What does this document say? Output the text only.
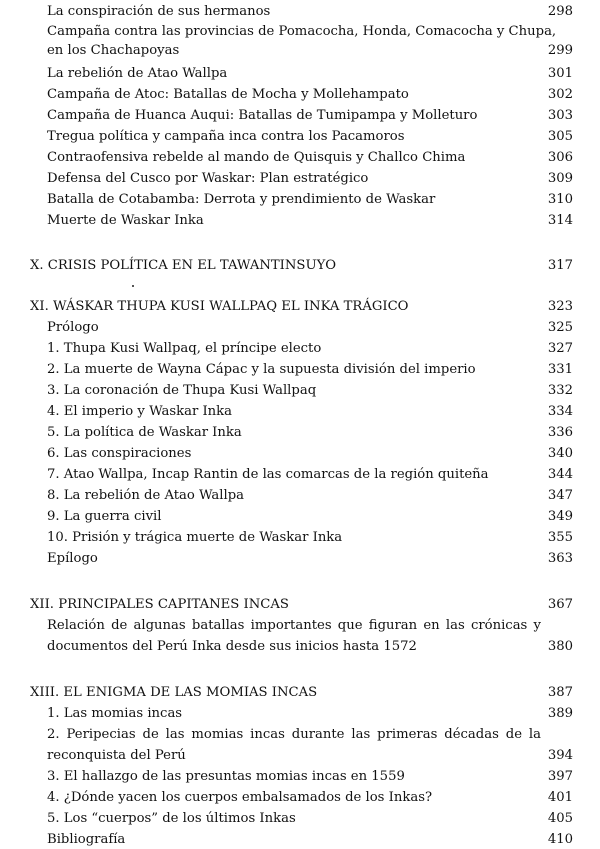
La conspiración de sus hermanos	298
Campaña contra las provincias de Pomacocha, Honda, Comacocha y Chupa,
en los Chachapoyas	299
La rebelión de Atao Wallpa	301
Campaña de Atoc: Batallas de Mocha y Mollehampato	302
Campaña de Huanca Auqui: Batallas de Tumipampa y Molleturo	303
Tregua política y campaña inca contra los Pacamoros	305
Contraofensiva rebelde al mando de Quisquis y Challco Chima	306
Defensa del Cusco por Waskar: Plan estratégico	309
Batalla de Cotabamba: Derrota y prendimiento de Waskar	310
Muerte de Waskar Inka	314
X. CRISIS POLÍTICA EN EL TAWANTINSUYO	317
XI. WÁSKAR THUPA KUSI WALLPAQ EL INKA TRÁGICO	323
Prólogo	325
1. Thupa Kusi Wallpaq, el príncipe electo	327
2. La muerte de Wayna Cápac y la supuesta división del imperio	331
3. La coronación de Thupa Kusi Wallpaq	332
4. El imperio y Waskar Inka	334
5. La política de Waskar Inka	336
6. Las conspiraciones	340
7. Atao Wallpa, Incap Rantin de las comarcas de la región quiteña	344
8. La rebelión de Atao Wallpa	347
9. La guerra civil	349
10. Prisión y trágica muerte de Waskar Inka	355
Epílogo	363
XII. PRINCIPALES CAPITANES INCAS	367
Relación de algunas batallas importantes que figuran en las crónicas y
documentos del Perú Inka desde sus inicios hasta 1572	380
XIII. EL ENIGMA DE LAS MOMIAS INCAS	387
1. Las momias incas	389
2. Peripecias de las momias incas durante las primeras décadas de la
reconquista del Perú	394
3. El hallazgo de las presuntas momias incas en 1559	397
4. ¿Dónde yacen los cuerpos embalsamados de los Inkas?	401
5. Los “cuerpos” de los últimos Inkas	405
Bibliografía	410
